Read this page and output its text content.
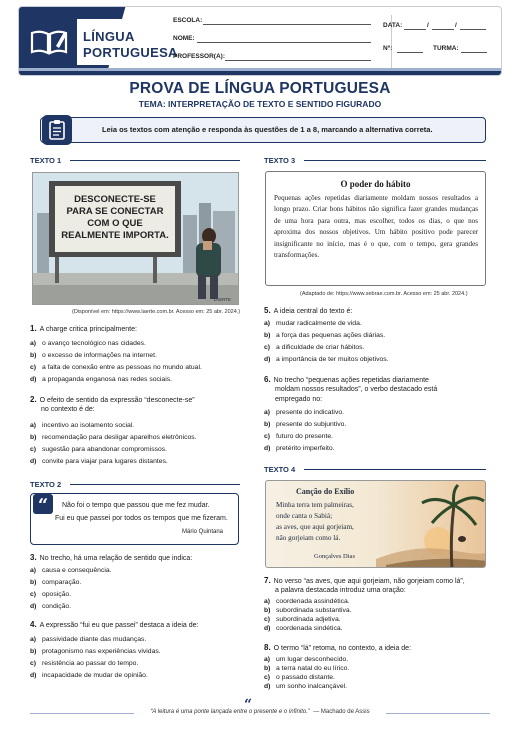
LÍNGUA
PORTUGUESA
ESCOLA:
NOME:
PROFESSOR(A):
DATA:	/	/
Nº:	TURMA:
PROVA DE LÍNGUA PORTUGUESA
TEMA: INTERPRETAÇÃO DE TEXTO E SENTIDO FIGURADO
Leia os textos com atenção e responda às questões de 1 a 8, marcando a alternativa correta.
TEXTO 1
DESCONECTE-SE
PARA SE CONECTAR
COM O QUE
REALMENTE IMPORTA.
LAERTE
(Disponível em: https://www.laerte.com.br. Acesso em: 25 abr. 2024.)
1. A charge critica principalmente:
a) o avanço tecnológico nas cidades.
b) o excesso de informações na internet.
c) a falta de conexão entre as pessoas no mundo atual.
d) a propaganda enganosa nas redes sociais.
2. O efeito de sentido da expressão “desconecte-se”
no contexto é de:
a) incentivo ao isolamento social.
b) recomendação para desligar aparelhos eletrônicos.
c) sugestão para abandonar compromissos.
d) convite para viajar para lugares distantes.
TEXTO 2
“	Não foi o tempo que passou que me fez mudar.
Fui eu que passei por todos os tempos que me fizeram.
Mário Quintana
3. No trecho, há uma relação de sentido que indica:
a) causa e consequência.
b) comparação.
c) oposição.
d) condição.
4. A expressão “fui eu que passei” destaca a ideia de:
a) passividade diante das mudanças.
b) protagonismo nas experiências vividas.
c) resistência ao passar do tempo.
d) incapacidade de mudar de opinião.
TEXTO 3
O poder do hábito
Pequenas ações repetidas diariamente moldam nossos resultados a longo prazo. Criar bons hábitos não significa fazer grandes mudanças de uma hora para outra, mas escolher, todos os dias, o que nos aproxima dos nossos objetivos. Um hábito positivo pode parecer insignificante no início, mas é o que, com o tempo, gera grandes transformações.
(Adaptado de: https://www.sebrae.com.br. Acesso em: 25 abr. 2024.)
5. A ideia central do texto é:
a) mudar radicalmente de vida.
b) a força das pequenas ações diárias.
c) a dificuldade de criar hábitos.
d) a importância de ter muitos objetivos.
6. No trecho “pequenas ações repetidas diariamente
moldam nossos resultados”, o verbo destacado está
empregado no:
a) presente do indicativo.
b) presente do subjuntivo.
c) futuro do presente.
d) pretérito imperfeito.
TEXTO 4
Canção do Exílio
Minha terra tem palmeiras,
onde canta o Sabiá;
as aves, que aqui gorjeiam,
não gorjeiam como lá.
Gonçalves Dias
7. No verso “as aves, que aqui gorjeiam, não gorjeiam como lá”,
a palavra destacada introduz uma oração:
a) coordenada assindética.
b) subordinada substantiva.
c) subordinada adjetiva.
d) coordenada sindética.
8. O termo “lá” retoma, no contexto, a ideia de:
a) um lugar desconhecido.
b) a terra natal do eu lírico.
c) o passado distante.
d) um sonho inalcançável.
“
“A leitura é uma ponte lançada entre o presente e o infinito.” — Machado de Assis
